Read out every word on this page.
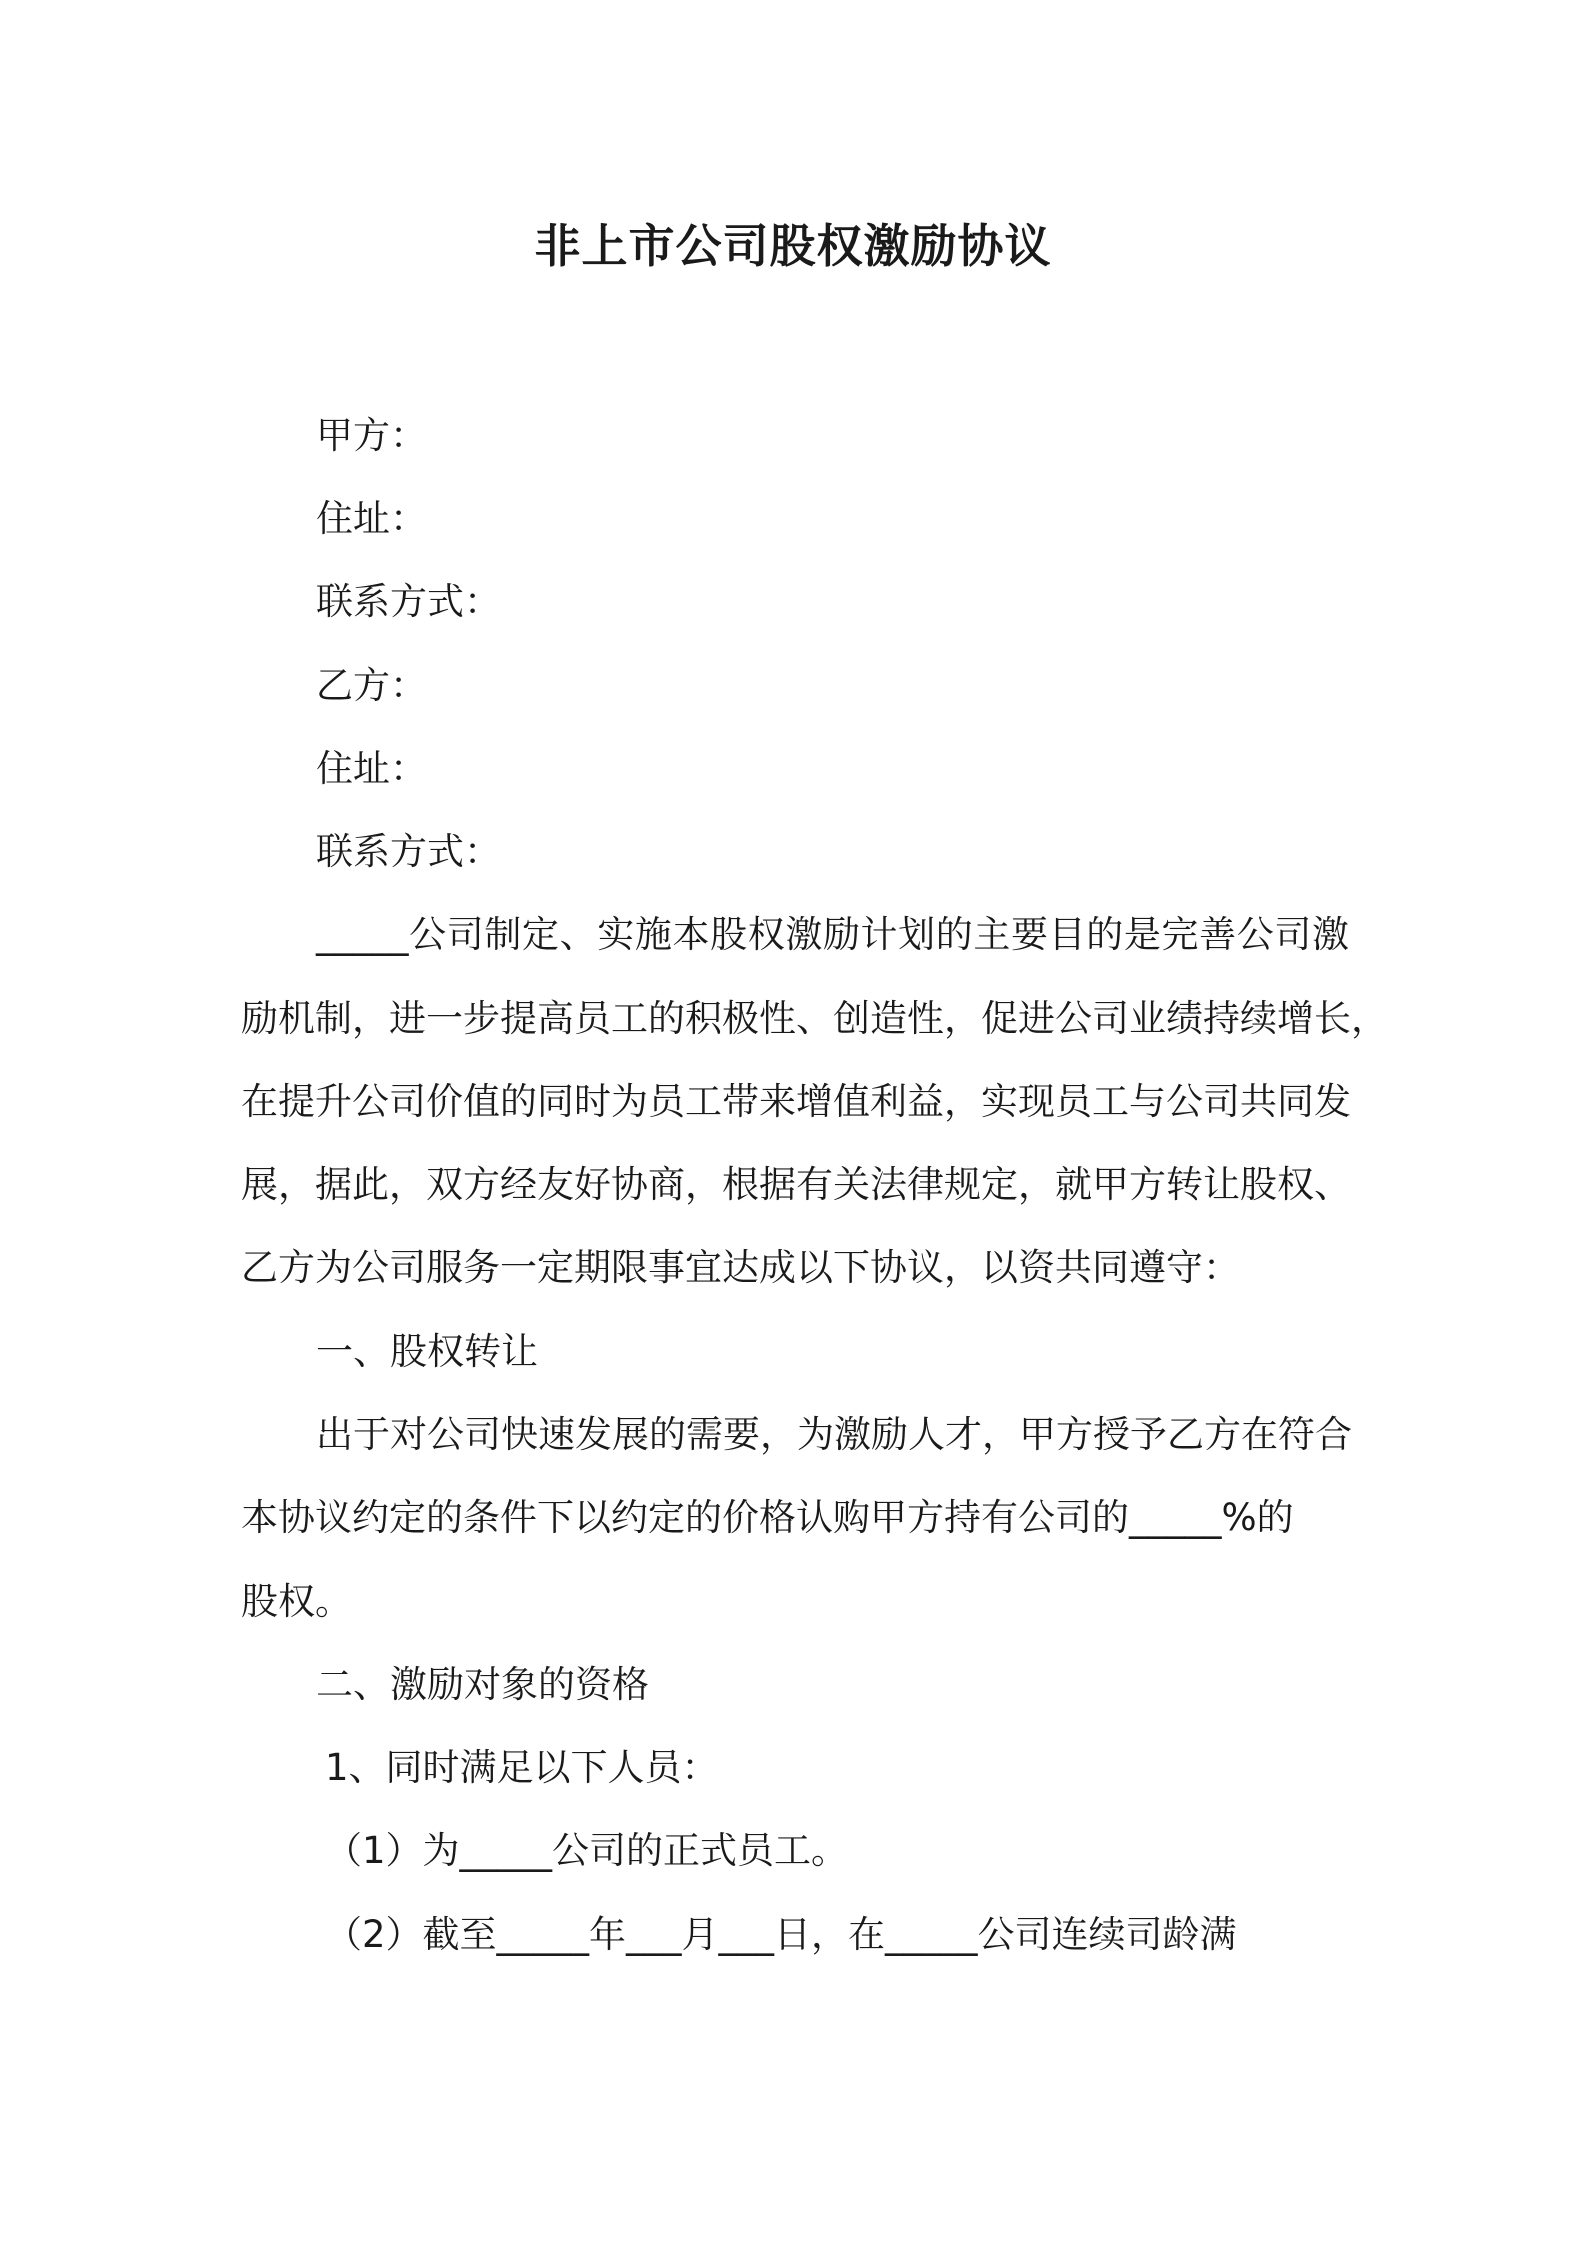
非上市公司股权激励协议
甲方：
住址：
联系方式：
乙方：
住址：
联系方式：
_____公司制定、实施本股权激励计划的主要目的是完善公司激
励机制，进一步提高员工的积极性、创造性，促进公司业绩持续增长，
在提升公司价值的同时为员工带来增值利益，实现员工与公司共同发
展，据此，双方经友好协商，根据有关法律规定，就甲方转让股权、
乙方为公司服务一定期限事宜达成以下协议，以资共同遵守：
一、股权转让
出于对公司快速发展的需要，为激励人才，甲方授予乙方在符合
本协议约定的条件下以约定的价格认购甲方持有公司的_____%的
股权。
二、激励对象的资格
1、同时满足以下人员：
（1）为_____公司的正式员工。
（2）截至_____年___月___日，在_____公司连续司龄满
